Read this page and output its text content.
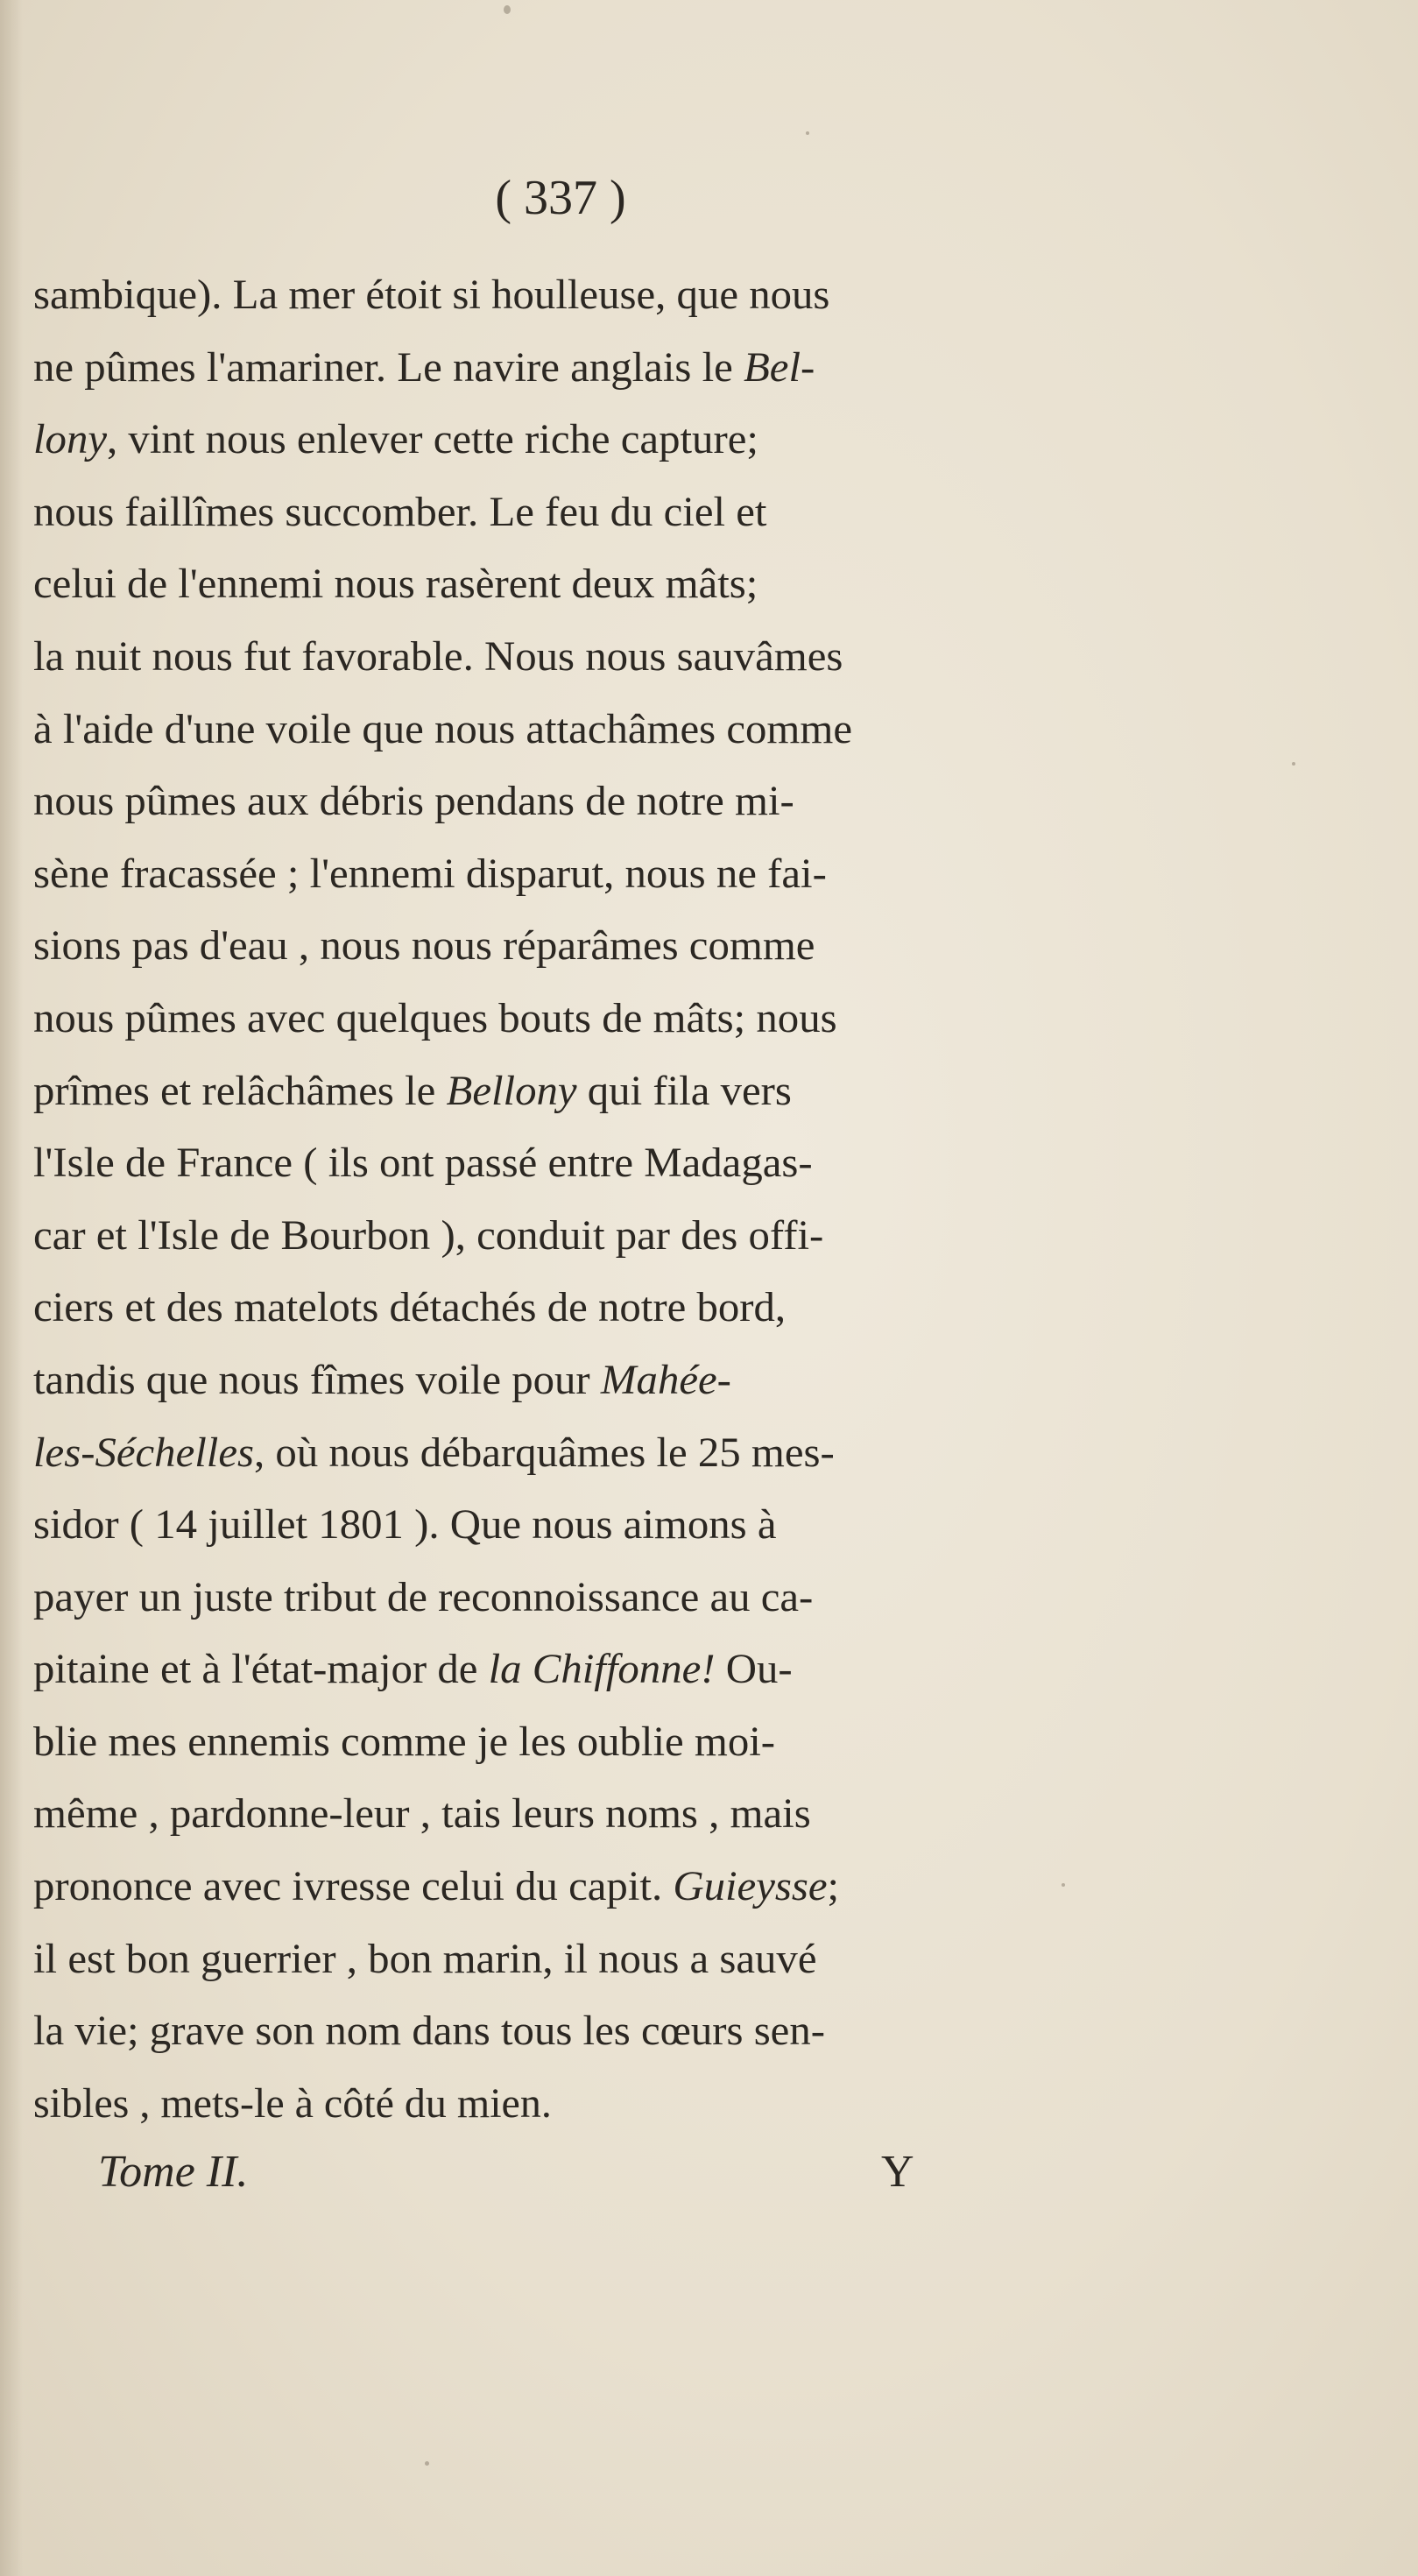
( 337 )
sambique). La mer étoit si houlleuse, que nous
ne pûmes l'amariner. Le navire anglais le Bel-
lony, vint nous enlever cette riche capture;
nous faillîmes succomber. Le feu du ciel et
celui de l'ennemi nous rasèrent deux mâts;
la nuit nous fut favorable. Nous nous sauvâmes
à l'aide d'une voile que nous attachâmes comme
nous pûmes aux débris pendans de notre mi-
sène fracassée ; l'ennemi disparut, nous ne fai-
sions pas d'eau , nous nous réparâmes comme
nous pûmes avec quelques bouts de mâts; nous
prîmes et relâchâmes le Bellony qui fila vers
l'Isle de France ( ils ont passé entre Madagas-
car et l'Isle de Bourbon ), conduit par des offi-
ciers et des matelots détachés de notre bord,
tandis que nous fîmes voile pour Mahée-
les-Séchelles, où nous débarquâmes le 25 mes-
sidor ( 14 juillet 1801 ). Que nous aimons à
payer un juste tribut de reconnoissance au ca-
pitaine et à l'état-major de la Chiffonne! Ou-
blie mes ennemis comme je les oublie moi-
même , pardonne-leur , tais leurs noms , mais
prononce avec ivresse celui du capit. Guieysse;
il est bon guerrier , bon marin, il nous a sauvé
la vie; grave son nom dans tous les cœurs sen-
sibles , mets-le à côté du mien.
Tome II.	Y
